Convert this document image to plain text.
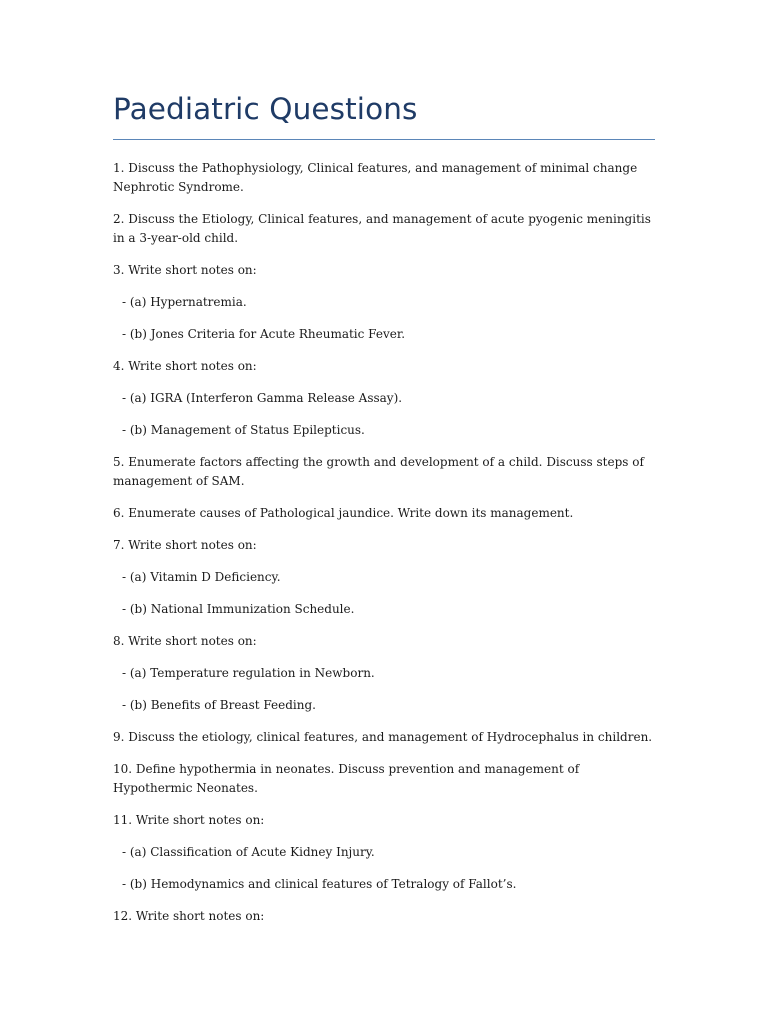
Paediatric Questions

1. Discuss the Pathophysiology, Clinical features, and management of minimal change Nephrotic Syndrome.

2. Discuss the Etiology, Clinical features, and management of acute pyogenic meningitis in a 3-year-old child.

3. Write short notes on:

- (a) Hypernatremia.

- (b) Jones Criteria for Acute Rheumatic Fever.

4. Write short notes on:

- (a) IGRA (Interferon Gamma Release Assay).

- (b) Management of Status Epilepticus.

5. Enumerate factors affecting the growth and development of a child. Discuss steps of management of SAM.

6. Enumerate causes of Pathological jaundice. Write down its management.

7. Write short notes on:

- (a) Vitamin D Deficiency.

- (b) National Immunization Schedule.

8. Write short notes on:

- (a) Temperature regulation in Newborn.

- (b) Benefits of Breast Feeding.

9. Discuss the etiology, clinical features, and management of Hydrocephalus in children.

10. Define hypothermia in neonates. Discuss prevention and management of Hypothermic Neonates.

11. Write short notes on:

- (a) Classification of Acute Kidney Injury.

- (b) Hemodynamics and clinical features of Tetralogy of Fallot’s.

12. Write short notes on:
